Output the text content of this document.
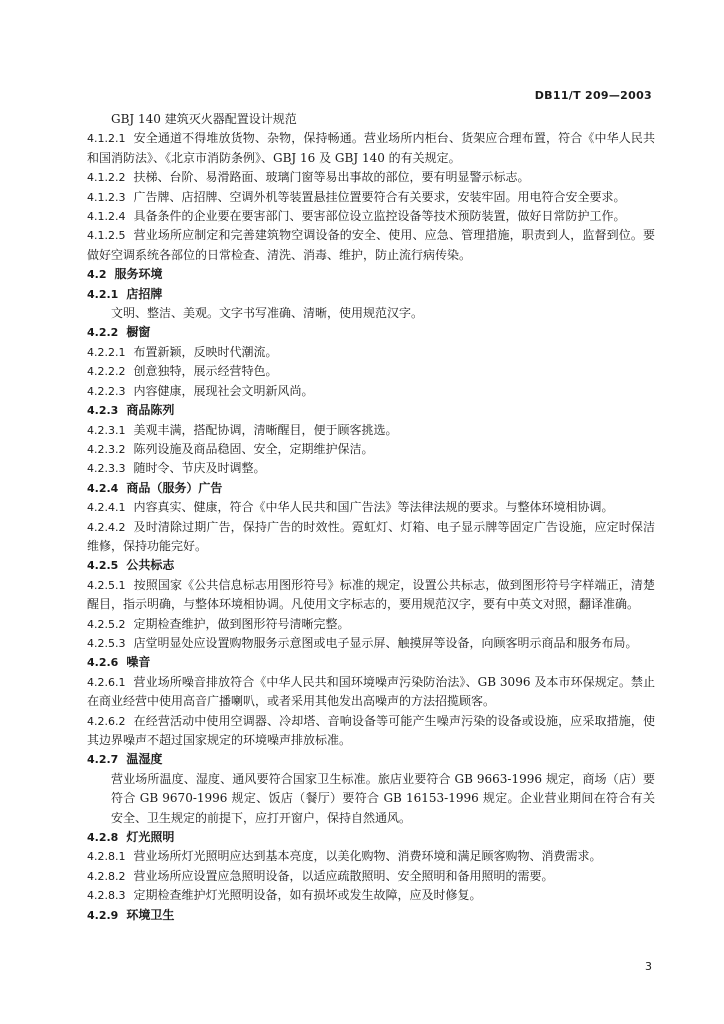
DB11/T 209—2003
GBJ 140 建筑灭火器配置设计规范
4.1.2.1 安全通道不得堆放货物、杂物，保持畅通。营业场所内柜台、货架应合理布置，符合《中华人民共和国消防法》、《北京市消防条例》、GBJ 16 及 GBJ 140 的有关规定。
4.1.2.2 扶梯、台阶、易滑路面、玻璃门窗等易出事故的部位，要有明显警示标志。
4.1.2.3 广告牌、店招牌、空调外机等装置悬挂位置要符合有关要求，安装牢固。用电符合安全要求。
4.1.2.4 具备条件的企业要在要害部门、要害部位设立监控设备等技术预防装置，做好日常防护工作。
4.1.2.5 营业场所应制定和完善建筑物空调设备的安全、使用、应急、管理措施，职责到人，监督到位。要做好空调系统各部位的日常检查、清洗、消毒、维护，防止流行病传染。
4.2 服务环境
4.2.1 店招牌
文明、整洁、美观。文字书写准确、清晰，使用规范汉字。
4.2.2 橱窗
4.2.2.1 布置新颖，反映时代潮流。
4.2.2.2 创意独特，展示经营特色。
4.2.2.3 内容健康，展现社会文明新风尚。
4.2.3 商品陈列
4.2.3.1 美观丰满，搭配协调，清晰醒目，便于顾客挑选。
4.2.3.2 陈列设施及商品稳固、安全，定期维护保洁。
4.2.3.3 随时令、节庆及时调整。
4.2.4 商品（服务）广告
4.2.4.1 内容真实、健康，符合《中华人民共和国广告法》等法律法规的要求。与整体环境相协调。
4.2.4.2 及时清除过期广告，保持广告的时效性。霓虹灯、灯箱、电子显示牌等固定广告设施，应定时保洁维修，保持功能完好。
4.2.5 公共标志
4.2.5.1 按照国家《公共信息标志用图形符号》标准的规定，设置公共标志，做到图形符号字样端正，清楚醒目，指示明确，与整体环境相协调。凡使用文字标志的，要用规范汉字，要有中英文对照，翻译准确。
4.2.5.2 定期检查维护，做到图形符号清晰完整。
4.2.5.3 店堂明显处应设置购物服务示意图或电子显示屏、触摸屏等设备，向顾客明示商品和服务布局。
4.2.6 噪音
4.2.6.1 营业场所噪音排放符合《中华人民共和国环境噪声污染防治法》、GB 3096 及本市环保规定。禁止在商业经营中使用高音广播喇叭，或者采用其他发出高噪声的方法招揽顾客。
4.2.6.2 在经营活动中使用空调器、冷却塔、音响设备等可能产生噪声污染的设备或设施，应采取措施，使其边界噪声不超过国家规定的环境噪声排放标准。
4.2.7 温湿度
营业场所温度、湿度、通风要符合国家卫生标准。旅店业要符合 GB 9663-1996 规定，商场（店）要符合 GB 9670-1996 规定、饭店（餐厅）要符合 GB 16153-1996 规定。企业营业期间在符合有关安全、卫生规定的前提下，应打开窗户，保持自然通风。
4.2.8 灯光照明
4.2.8.1 营业场所灯光照明应达到基本亮度，以美化购物、消费环境和满足顾客购物、消费需求。
4.2.8.2 营业场所应设置应急照明设备，以适应疏散照明、安全照明和备用照明的需要。
4.2.8.3 定期检查维护灯光照明设备，如有损坏或发生故障，应及时修复。
4.2.9 环境卫生
3
